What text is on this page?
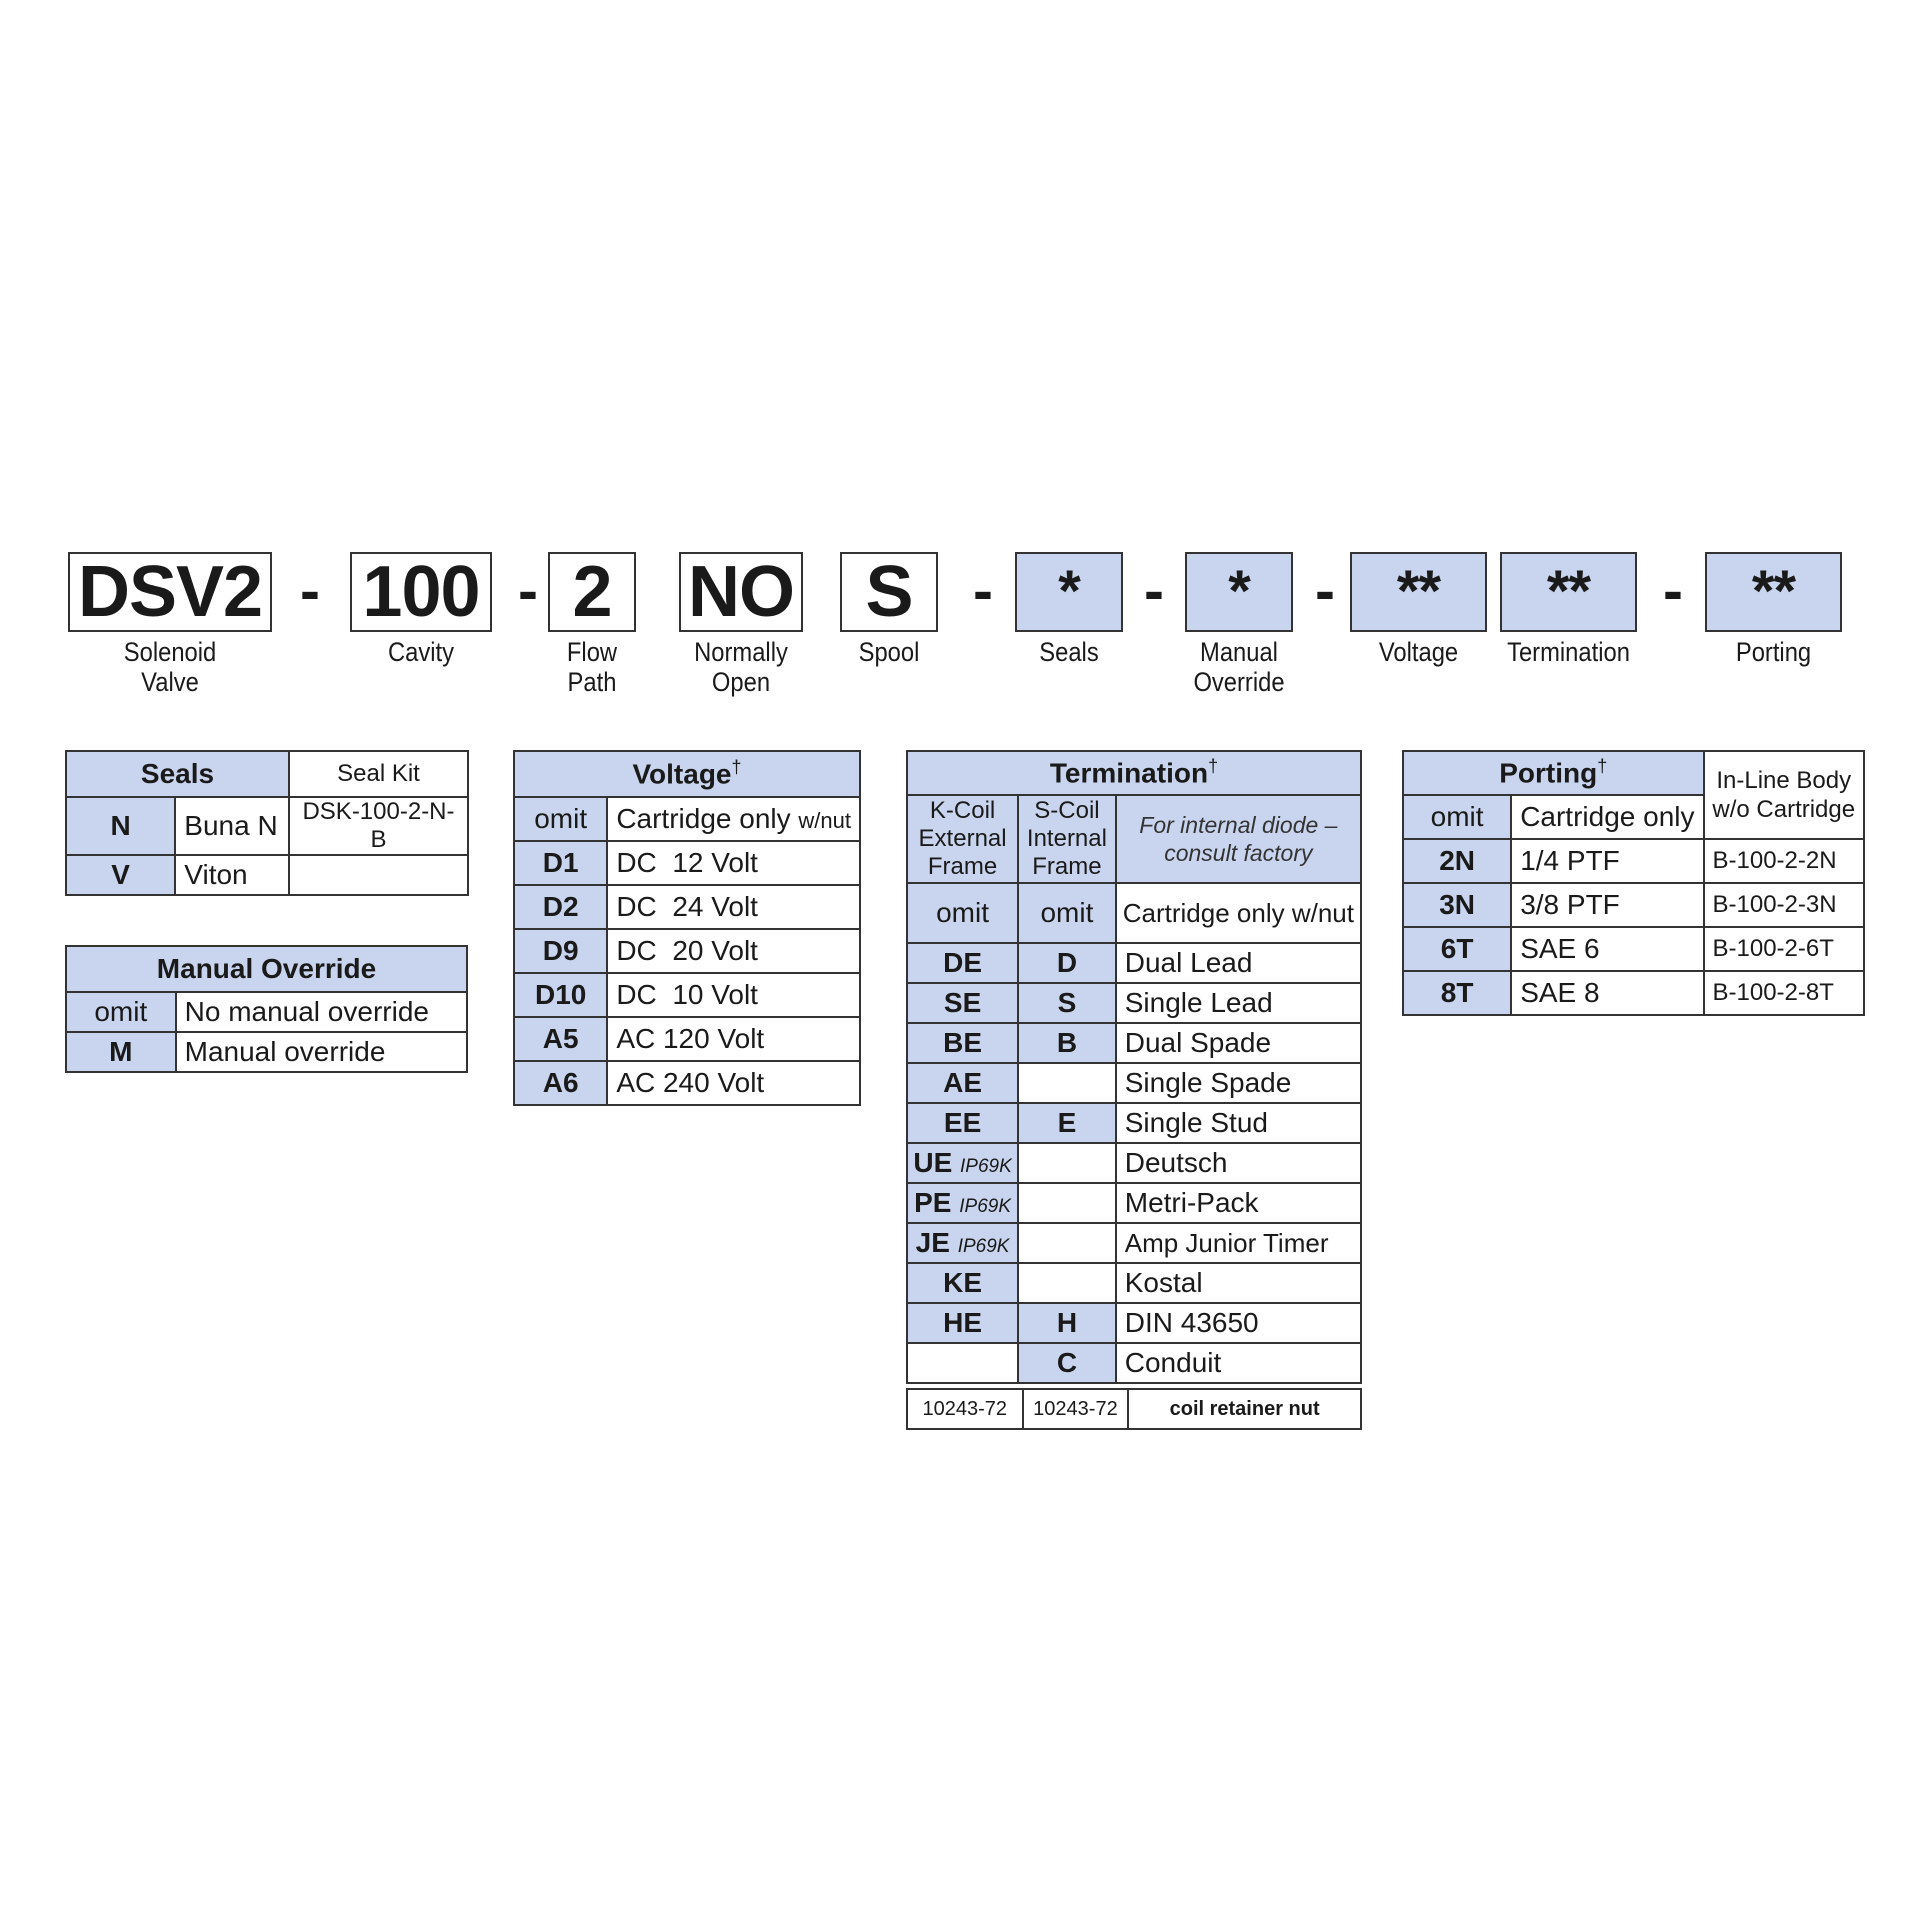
DSV2
Solenoid
Valve
- 100
Cavity
- 2
Flow
Path
NO
Normally
Open
S
Spool
-	*
Seals
-	*
Manual
Override
-	**
Voltage
**
Termination
-	**
Porting
Seals		Seal Kit
N	Buna N	DSK-100-2-N-B
V	Viton	
Manual Override	
omit	No manual override
M	Manual override
Voltage†
omit	Cartridge only w/nut
D1	DC  12 Volt
D2	DC  24 Volt
D9	DC  20 Volt
D10	DC  10 Volt
A5	AC 120 Volt
A6	AC 240 Volt
Termination†
K-Coil
External
Frame	S-Coil
Internal
Frame	For internal diode –
consult factory
omit	omit	Cartridge only w/nut
DE	D	Dual Lead
SE	S	Single Lead
BE	B	Dual Spade
AE		Single Spade
EE	E	Single Stud
UE IP69K		Deutsch
PE IP69K		Metri-Pack
JE IP69K		Amp Junior Timer
KE		Kostal
HE	H	DIN 43650
	C	Conduit
10243-72	10243-72	coil retainer nut
Porting†		In-Line Body
w/o Cartridge
omit	Cartridge only	
2N	1/4 PTF	B-100-2-2N
3N	3/8 PTF	B-100-2-3N
6T	SAE 6	B-100-2-6T
8T	SAE 8	B-100-2-8T
